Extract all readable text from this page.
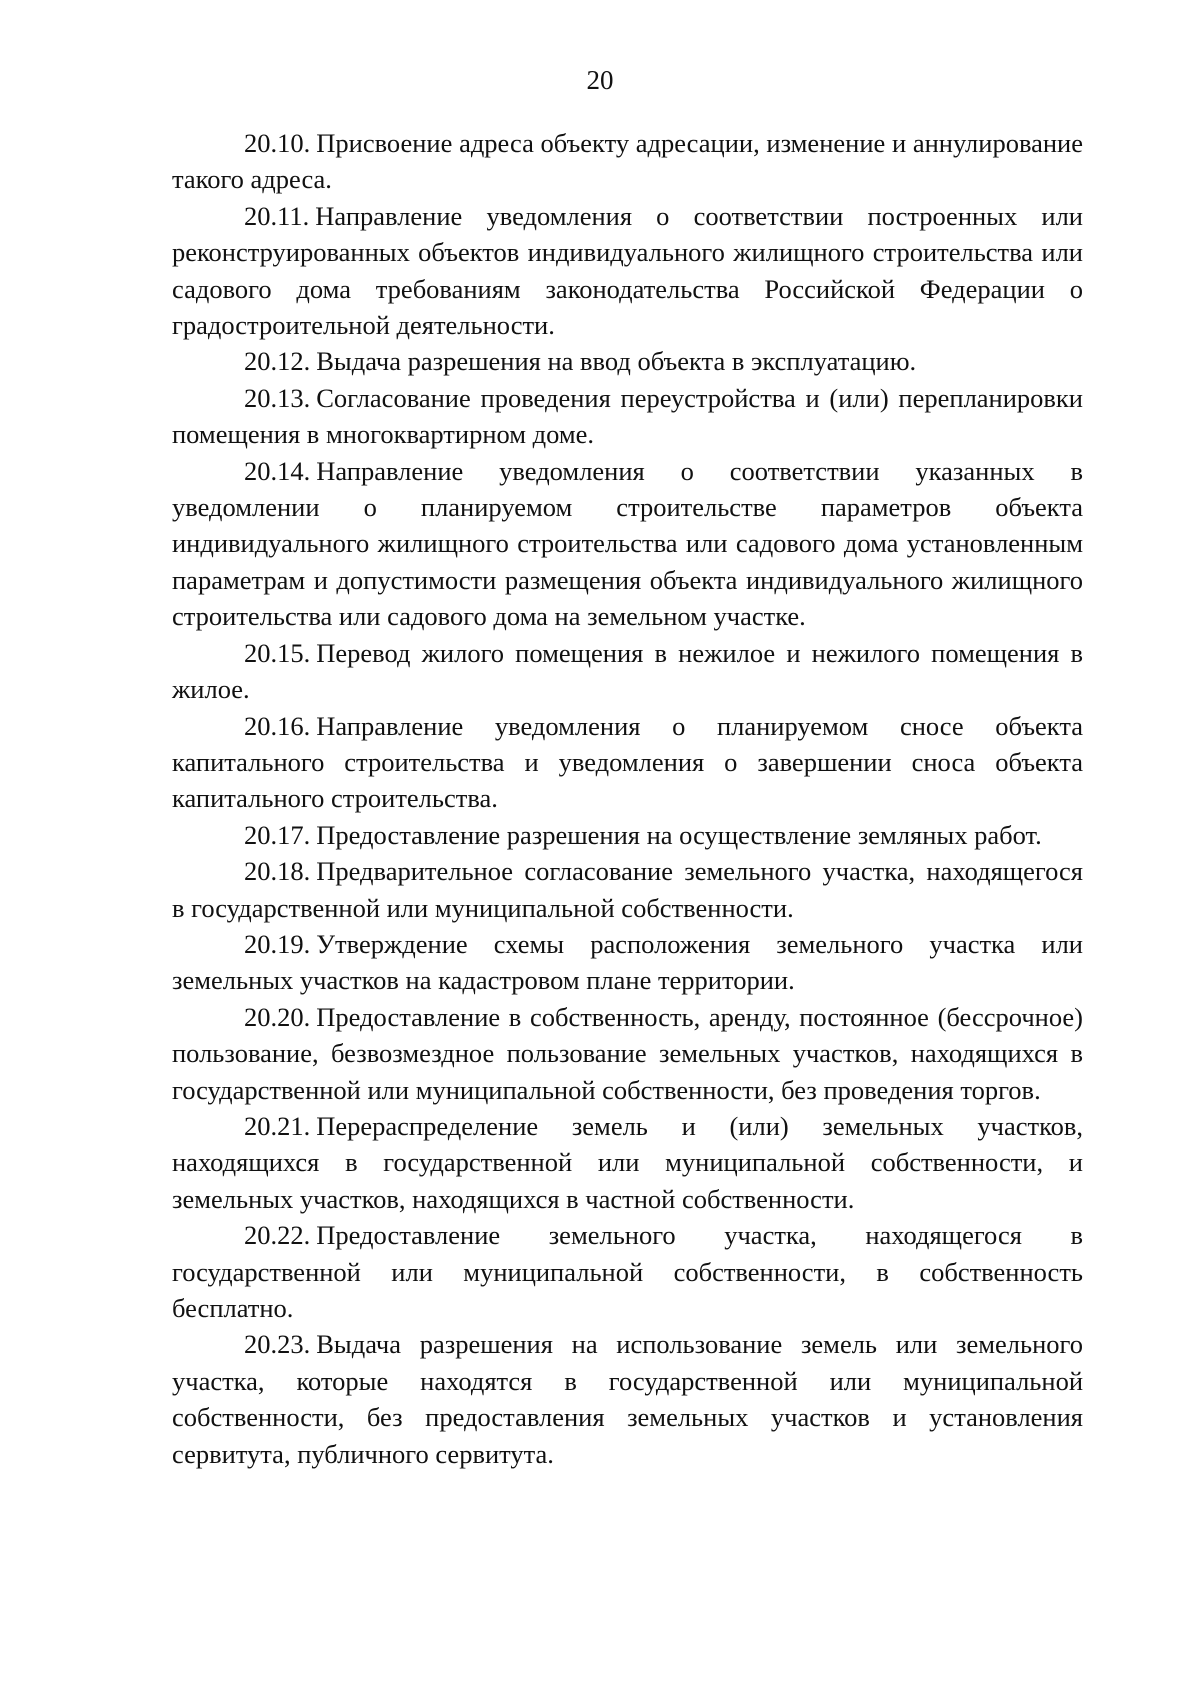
20

20.10. Присвоение адреса объекту адресации, изменение и аннулирование такого адреса.

20.11. Направление уведомления о соответствии построенных или реконструированных объектов индивидуального жилищного строительства или садового дома требованиям законодательства Российской Федерации о градостроительной деятельности.

20.12. Выдача разрешения на ввод объекта в эксплуатацию.

20.13. Согласование проведения переустройства и (или) перепланировки помещения в многоквартирном доме.

20.14. Направление уведомления о соответствии указанных в уведомлении о планируемом строительстве параметров объекта индивидуального жилищного строительства или садового дома установленным параметрам и допустимости размещения объекта индивидуального жилищного строительства или садового дома на земельном участке.

20.15. Перевод жилого помещения в нежилое и нежилого помещения в жилое.

20.16. Направление уведомления о планируемом сносе объекта капитального строительства и уведомления о завершении сноса объекта капитального строительства.

20.17. Предоставление разрешения на осуществление земляных работ.

20.18. Предварительное согласование земельного участка, находящегося в государственной или муниципальной собственности.

20.19. Утверждение схемы расположения земельного участка или земельных участков на кадастровом плане территории.

20.20. Предоставление в собственность, аренду, постоянное (бессрочное) пользование, безвозмездное пользование земельных участков, находящихся в государственной или муниципальной собственности, без проведения торгов.

20.21. Перераспределение земель и (или) земельных участков, находящихся в государственной или муниципальной собственности, и земельных участков, находящихся в частной собственности.

20.22. Предоставление земельного участка, находящегося в государственной или муниципальной собственности, в собственность бесплатно.

20.23. Выдача разрешения на использование земель или земельного участка, которые находятся в государственной или муниципальной собственности, без предоставления земельных участков и установления сервитута, публичного сервитута.
